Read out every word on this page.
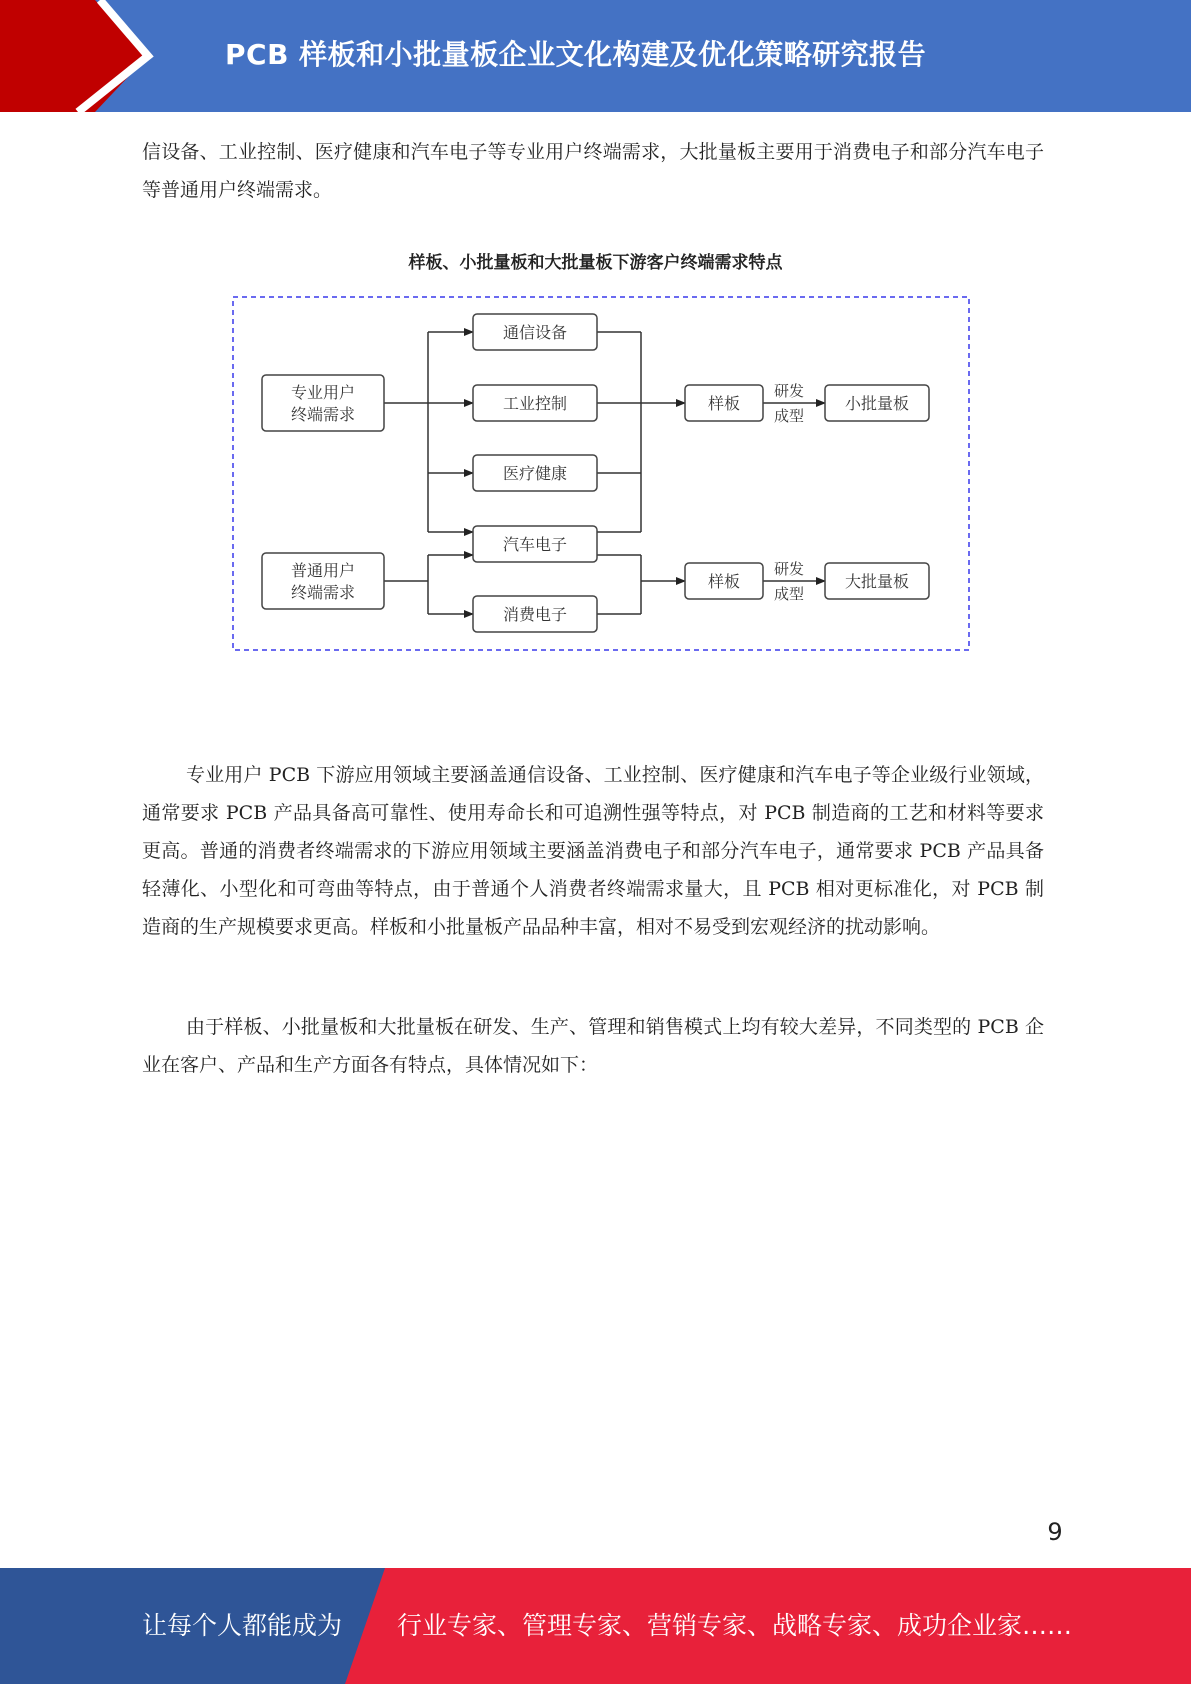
PCB 样板和小批量板企业文化构建及优化策略研究报告

信设备、工业控制、医疗健康和汽车电子等专业用户终端需求，大批量板主要用于消费电子和部分汽车电子等普通用户终端需求。

样板、小批量板和大批量板下游客户终端需求特点
专业用户
终端需求
普通用户
终端需求
通信设备
工业控制
医疗健康
汽车电子
消费电子
样板
样板
研发
成型
研发
成型
小批量板
大批量板

专业用户 PCB 下游应用领域主要涵盖通信设备、工业控制、医疗健康和汽车电子等企业级行业领域，通常要求 PCB 产品具备高可靠性、使用寿命长和可追溯性强等特点，对 PCB 制造商的工艺和材料等要求更高。普通的消费者终端需求的下游应用领域主要涵盖消费电子和部分汽车电子，通常要求 PCB 产品具备轻薄化、小型化和可弯曲等特点，由于普通个人消费者终端需求量大，且 PCB 相对更标准化，对 PCB 制造商的生产规模要求更高。样板和小批量板产品品种丰富，相对不易受到宏观经济的扰动影响。

由于样板、小批量板和大批量板在研发、生产、管理和销售模式上均有较大差异，不同类型的 PCB 企业在客户、产品和生产方面各有特点，具体情况如下：

9
让每个人都能成为 行业专家、管理专家、营销专家、战略专家、成功企业家……
